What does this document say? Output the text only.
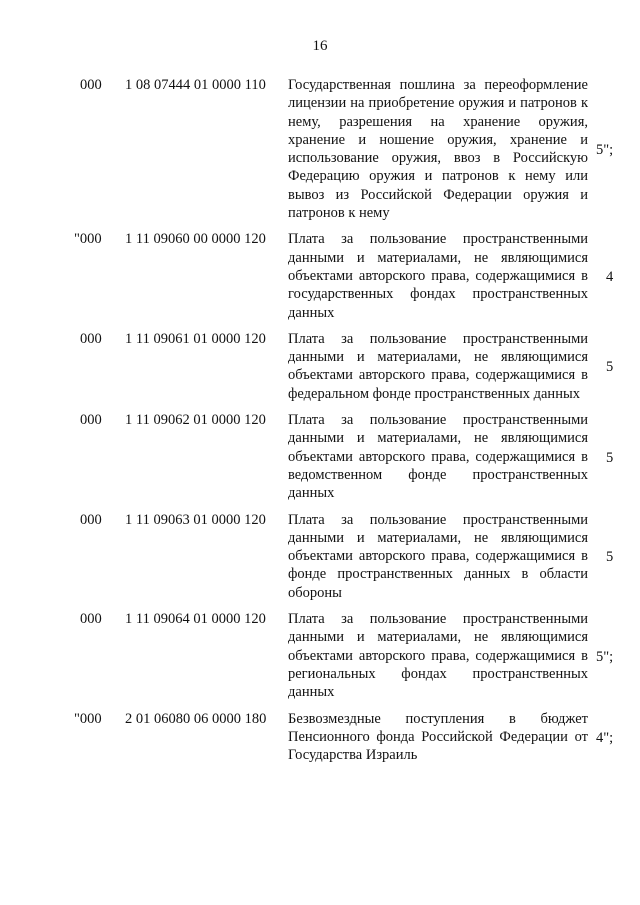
16
000 1 08 07444 01 0000 110 Государственная пошлина за переоформление лицензии на приобретение оружия и патронов к нему, разрешения на хранение оружия, хранение и ношение оружия, хранение и использование оружия, ввоз в Российскую Федерацию оружия и патронов к нему или вывоз из Российской Федерации оружия и патронов к нему
5";
"000 1 11 09060 00 0000 120 Плата за пользование пространственными данными и материалами, не являющимися объектами авторского права, содержащимися в государственных фондах пространственных данных
4
000 1 11 09061 01 0000 120 Плата за пользование пространственными данными и материалами, не являющимися объектами авторского права, содержащимися в федеральном фонде пространственных данных
5
000 1 11 09062 01 0000 120 Плата за пользование пространственными данными и материалами, не являющимися объектами авторского права, содержащимися в ведомственном фонде пространственных данных
5
000 1 11 09063 01 0000 120 Плата за пользование пространственными данными и материалами, не являющимися объектами авторского права, содержащимися в фонде пространственных данных в области обороны
5
000 1 11 09064 01 0000 120 Плата за пользование пространственными данными и материалами, не являющимися объектами авторского права, содержащимися в региональных фондах пространственных данных
5";
"000 2 01 06080 06 0000 180 Безвозмездные поступления в бюджет Пенсионного фонда Российской Федерации от Государства Израиль
4";
